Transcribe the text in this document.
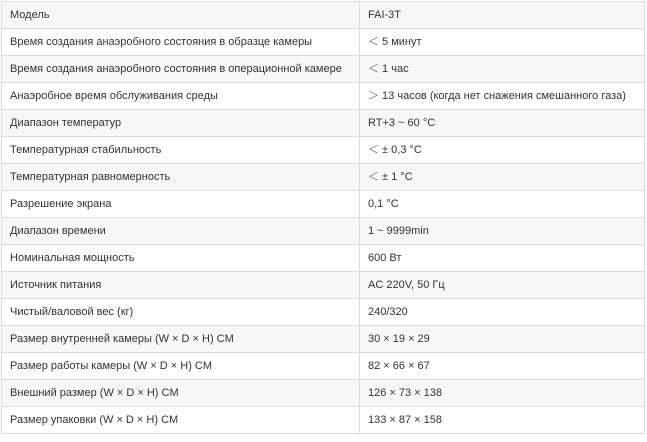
Модель	FAI-3T
Время создания анаэробного состояния в образце камеры	＜ 5 минут
Время создания анаэробного состояния в операционной камере	＜ 1 час
Анаэробное время обслуживания среды	＞ 13 часов (когда нет снажения смешанного газа)
Диапазон температур	RT+3 ~ 60 °C
Температурная стабильность	＜ ± 0,3 °C
Температурная равномерность	＜ ± 1 °C
Разрешение экрана	0,1 °C
Диапазон времени	1 ~ 9999min
Номинальная мощность	600 Вт
Источник питания	AC 220V, 50 Гц
Чистый/валовой вес (кг)	240/320
Размер внутренней камеры (W × D × H) CM	30 × 19 × 29
Размер работы камеры (W × D × H) CM	82 × 66 × 67
Внешний размер (W × D × H) CM	126 × 73 × 138
Размер упаковки (W × D × H) CM	133 × 87 × 158
